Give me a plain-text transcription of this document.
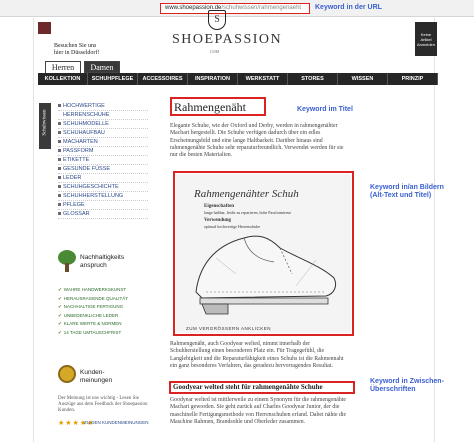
www.shoepassion.de/schuhwissen/rahmengenaeht	Keyword in der URL
Besuchen Sie uns
hier in Düsseldorf!
S
SHOEPASSION
COM
Keine
Artikel
Anmelden
Herren	Damen
KOLLEKTION	SCHUHPFLEGE	ACCESSOIRES	INSPIRATION	WERKSTATT	STORES	WISSEN	PRINZIP
Schuhwissen
HOCHWERTIGE
HERRENSCHUHE
SCHUHMODELLE
SCHUHAUFBAU
MACHARTEN
PASSFORM
ETIKETTE
GESUNDE FÜSSE
LEDER
SCHUHGESCHICHTE
SCHUHHERSTELLUNG
PFLEGE
GLOSSAR
Nachhaltigkeits
anspruch
✔ WAHRE HANDWERKSKUNST
✔ HERAUSRAGENDE QUALITÄT
✔ NACHHALTIGE FERTIGUNG
✔ UNBEDENKLICHE LEDER
✔ KLARE WERTE & NORMEN
✔ 14 TAGE UMTAUSCHFRIST
Kunden-
meinungen
Der Meinung ist uns wichtig - Lesen Sie Auszüge aus dem Feedback der Shoepassion Kunden.
★★★★★
ZU DEN KUNDENMEINUNGEN
Rahmengenäht	Keyword im Titel
Elegante Schuhe, wie der Oxford und Derby, werden in rahmengenähter Machart hergestellt. Die Schuhe verfügen dadurch über ein edles Erscheinungsbild und eine lange Haltbarkeit. Darüber hinaus sind rahmengenähte Schuhe sehr reparaturfreundlich. Verwendet werden für sie nur die besten Materialien.
Rahmengenähter Schuh
Eigenschaften
lange haltbar, leicht zu reparieren, hohe Passformtreue
Verwendung
optimal hochwertige Herrenschuhe
ZUM VERGRÖSSERN ANKLICKEN
Keyword in/an Bildern
(Alt-Text und Titel)
Rahmengenäht, auch Goodyear welted, nimmt innerhalb der Schuhherstellung einen besonderen Platz ein. Für Tragegefühl, die Langlebigkeit und die Reparaturfähigkeit eines Schuhs ist die Rahmennaht ein ganz besonderes Verfahren, das geradezu hervorragendes Resultat.
Goodyear welted steht für rahmengenähte Schuhe
Keyword in Zwischen-
Überschriften
Goodyear welted ist mittlerweile zu einem Synonym für die rahmengenähte Machart geworden. Sie geht zurück auf Charles Goodyear Junior, der die maschinelle Fertigungsmethode von Herrenschuhen erfand. Dabei nähte die Maschine Rahmen, Brandsohle und Oberleder zusammen.
